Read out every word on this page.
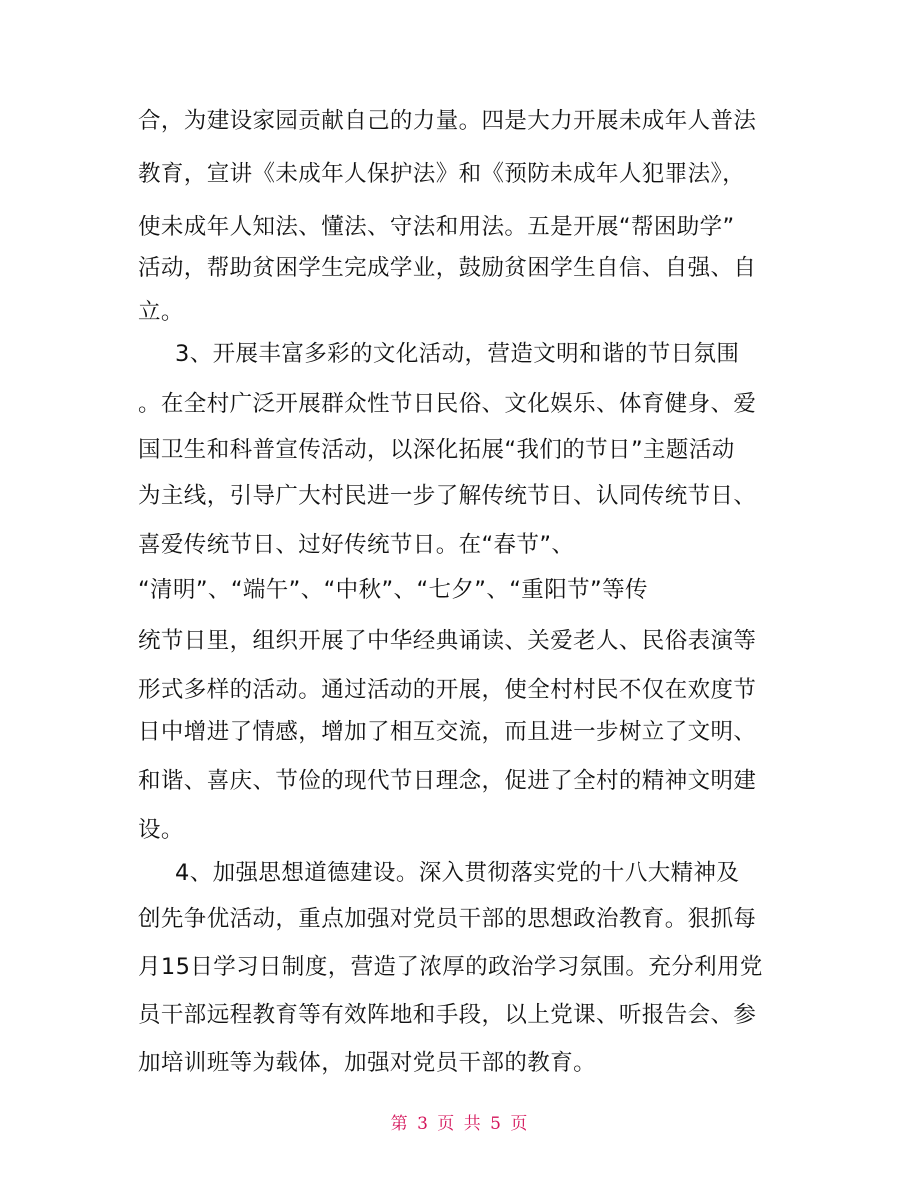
合，为建设家园贡献自己的力量。四是大力开展未成年人普法
教育，宣讲《未成年人保护法》和《预防未成年人犯罪法》，
使未成年人知法、懂法、守法和用法。五是开展“帮困助学”
活动，帮助贫困学生完成学业，鼓励贫困学生自信、自强、自
立。
3、开展丰富多彩的文化活动，营造文明和谐的节日氛围
。在全村广泛开展群众性节日民俗、文化娱乐、体育健身、爱
国卫生和科普宣传活动，以深化拓展“我们的节日”主题活动
为主线，引导广大村民进一步了解传统节日、认同传统节日、
喜爱传统节日、过好传统节日。在“春节”、
“清明”、“端午”、“中秋”、“七夕”、“重阳节”等传
统节日里，组织开展了中华经典诵读、关爱老人、民俗表演等
形式多样的活动。通过活动的开展，使全村村民不仅在欢度节
日中增进了情感，增加了相互交流，而且进一步树立了文明、
和谐、喜庆、节俭的现代节日理念，促进了全村的精神文明建
设。
4、加强思想道德建设。深入贯彻落实党的十八大精神及
创先争优活动，重点加强对党员干部的思想政治教育。狠抓每
月15日学习日制度，营造了浓厚的政治学习氛围。充分利用党
员干部远程教育等有效阵地和手段，以上党课、听报告会、参
加培训班等为载体，加强对党员干部的教育。
第 3 页 共 5 页
